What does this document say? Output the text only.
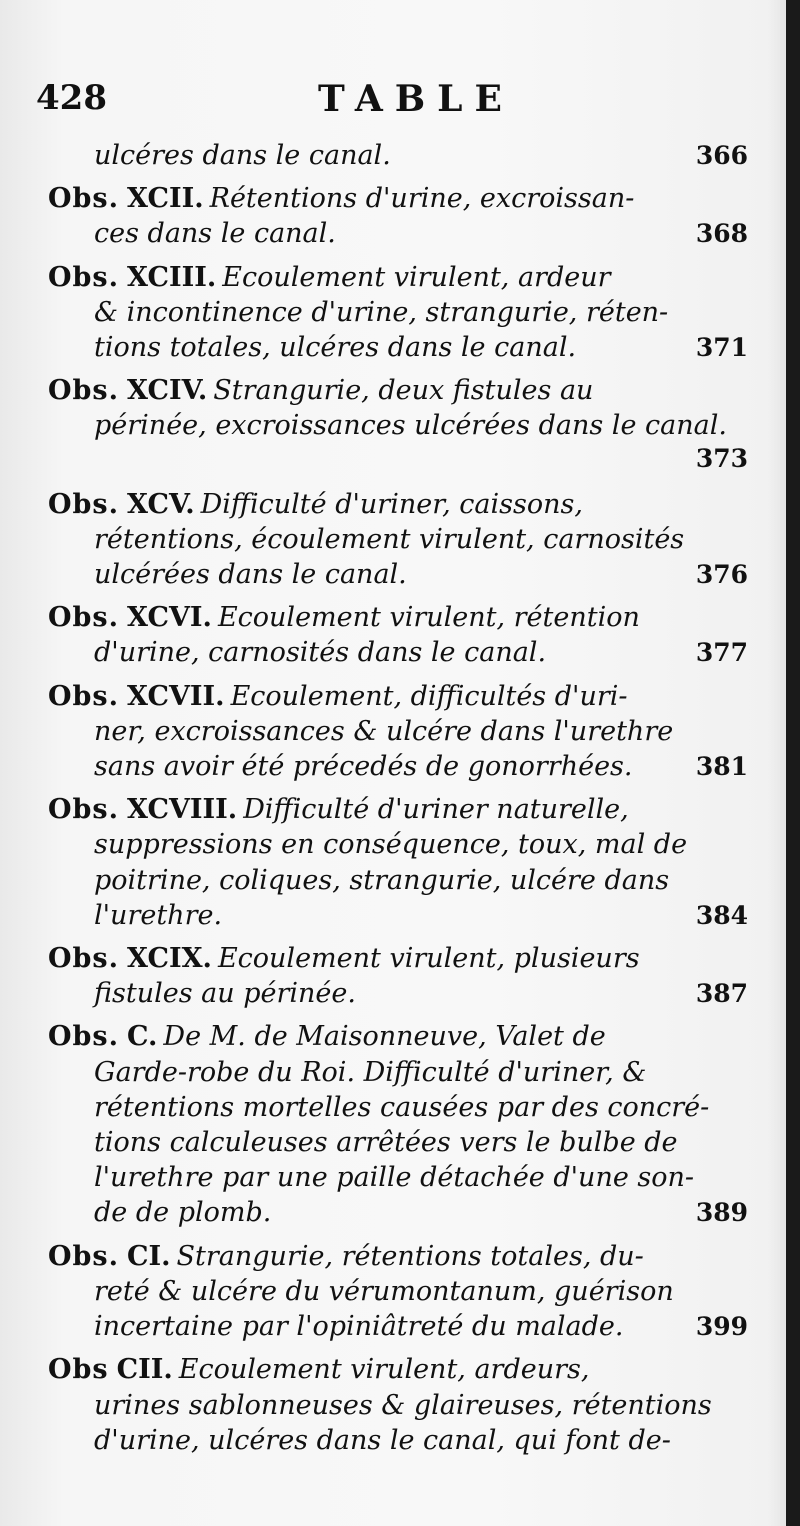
428	TABLE
ulcéres dans le canal.	366
Obs. XCII. Rétentions d'urine, excroissan-
ces dans le canal.	368
Obs. XCIII. Ecoulement virulent, ardeur
& incontinence d'urine, strangurie, réten-
tions totales, ulcéres dans le canal.	371
Obs. XCIV. Strangurie, deux fistules au
périnée, excroissances ulcérées dans le canal.
373
Obs. XCV. Difficulté d'uriner, caissons,
rétentions, écoulement virulent, carnosités
ulcérées dans le canal.	376
Obs. XCVI. Ecoulement virulent, rétention
d'urine, carnosités dans le canal.	377
Obs. XCVII. Ecoulement, difficultés d'uri-
ner, excroissances & ulcére dans l'urethre
sans avoir été précedés de gonorrhées.	381
Obs. XCVIII. Difficulté d'uriner naturelle,
suppressions en conséquence, toux, mal de
poitrine, coliques, strangurie, ulcére dans
l'urethre.	384
Obs. XCIX. Ecoulement virulent, plusieurs
fistules au périnée.	387
Obs. C. De M. de Maisonneuve, Valet de
Garde-robe du Roi. Difficulté d'uriner, &
rétentions mortelles causées par des concré-
tions calculeuses arrêtées vers le bulbe de
l'urethre par une paille détachée d'une son-
de de plomb.	389
Obs. CI. Strangurie, rétentions totales, du-
reté & ulcére du vérumontanum, guérison
incertaine par l'opiniâtreté du malade.	399
Obs CII. Ecoulement virulent, ardeurs,
urines sablonneuses & glaireuses, rétentions
d'urine, ulcéres dans le canal, qui font de-
